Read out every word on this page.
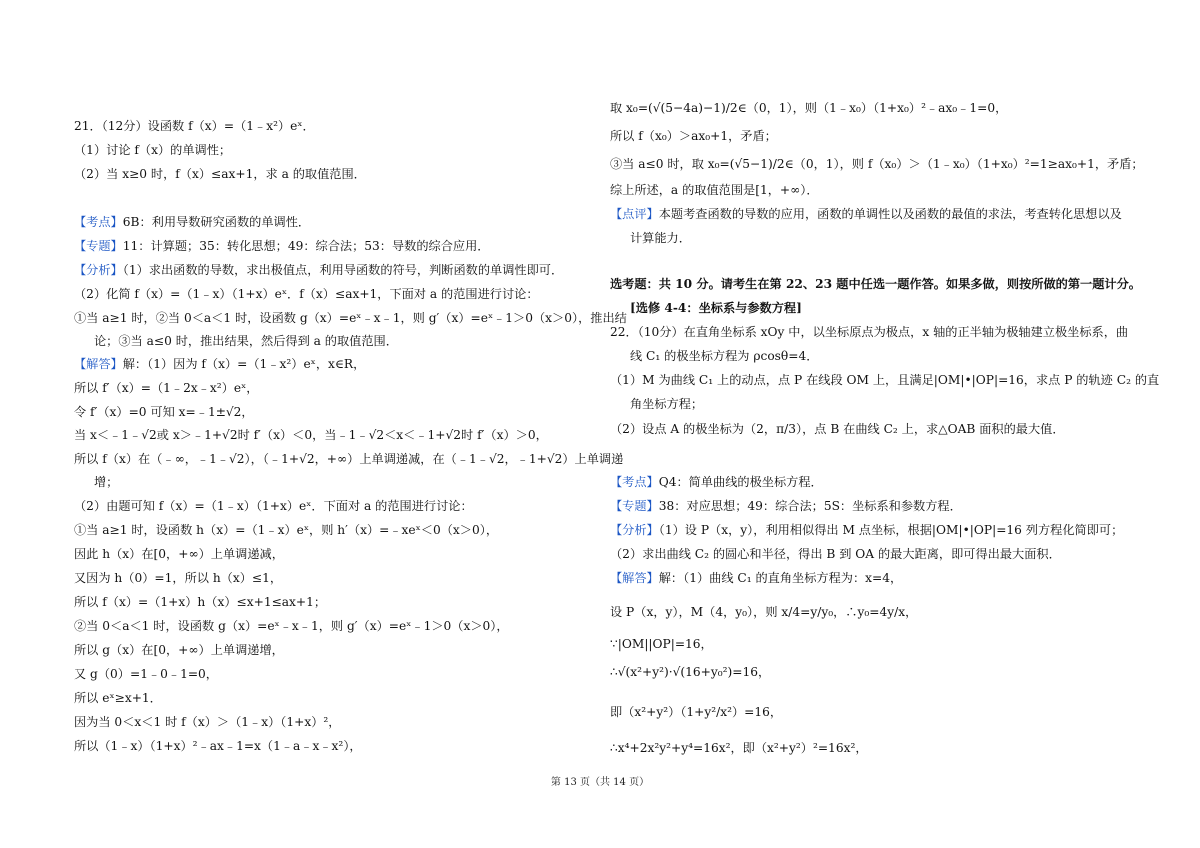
21．（12分）设函数 f（x）=（1﹣x²）eˣ．
（1）讨论 f（x）的单调性；
（2）当 x≥0 时，f（x）≤ax+1，求 a 的取值范围．
【考点】6B：利用导数研究函数的单调性．
【专题】11：计算题；35：转化思想；49：综合法；53：导数的综合应用．
【分析】（1）求出函数的导数，求出极值点，利用导函数的符号，判断函数的单调性即可．
（2）化简 f（x）=（1﹣x）（1+x）eˣ．f（x）≤ax+1，下面对 a 的范围进行讨论：
①当 a≥1 时，②当 0＜a＜1 时，设函数 g（x）=eˣ﹣x﹣1，则 g′（x）=eˣ﹣1＞0（x＞0），推出结
论；③当 a≤0 时，推出结果，然后得到 a 的取值范围．
【解答】解：（1）因为 f（x）=（1﹣x²）eˣ，x∈R，
所以 f′（x）=（1﹣2x﹣x²）eˣ，
令 f′（x）=0 可知 x=﹣1±√2，
当 x＜﹣1﹣√2或 x＞﹣1+√2时 f′（x）＜0，当﹣1﹣√2＜x＜﹣1+√2时 f′（x）＞0，
所以 f（x）在（﹣∞，﹣1﹣√2），（﹣1+√2，+∞）上单调递减，在（﹣1﹣√2，﹣1+√2）上单调递
增；
（2）由题可知 f（x）=（1﹣x）（1+x）eˣ．下面对 a 的范围进行讨论：
①当 a≥1 时，设函数 h（x）=（1﹣x）eˣ，则 h′（x）=﹣xeˣ＜0（x＞0），
因此 h（x）在[0，+∞）上单调递减，
又因为 h（0）=1，所以 h（x）≤1，
所以 f（x）=（1+x）h（x）≤x+1≤ax+1；
②当 0＜a＜1 时，设函数 g（x）=eˣ﹣x﹣1，则 g′（x）=eˣ﹣1＞0（x＞0），
所以 g（x）在[0，+∞）上单调递增，
又 g（0）=1﹣0﹣1=0，
所以 eˣ≥x+1．
因为当 0＜x＜1 时 f（x）＞（1﹣x）（1+x）²，
所以（1﹣x）（1+x）²﹣ax﹣1=x（1﹣a﹣x﹣x²），
取 x₀=(√(5−4a)−1)/2∈（0，1），则（1﹣x₀）（1+x₀）²﹣ax₀﹣1=0，
所以 f（x₀）＞ax₀+1，矛盾；
③当 a≤0 时，取 x₀=(√5−1)/2∈（0，1），则 f（x₀）＞（1﹣x₀）（1+x₀）²=1≥ax₀+1，矛盾；
综上所述，a 的取值范围是[1，+∞）．
【点评】本题考查函数的导数的应用，函数的单调性以及函数的最值的求法，考查转化思想以及
计算能力．
选考题：共 10 分。请考生在第 22、23 题中任选一题作答。如果多做，则按所做的第一题计分。
[选修 4-4：坐标系与参数方程]
22．（10分）在直角坐标系 xOy 中，以坐标原点为极点，x 轴的正半轴为极轴建立极坐标系，曲
线 C₁ 的极坐标方程为 ρcosθ=4．
（1）M 为曲线 C₁ 上的动点，点 P 在线段 OM 上，且满足|OM|•|OP|=16，求点 P 的轨迹 C₂ 的直
角坐标方程；
（2）设点 A 的极坐标为（2，π/3），点 B 在曲线 C₂ 上，求△OAB 面积的最大值．
【考点】Q4：简单曲线的极坐标方程．
【专题】38：对应思想；49：综合法；5S：坐标系和参数方程．
【分析】（1）设 P（x，y），利用相似得出 M 点坐标，根据|OM|•|OP|=16 列方程化简即可；
（2）求出曲线 C₂ 的圆心和半径，得出 B 到 OA 的最大距离，即可得出最大面积．
【解答】解：（1）曲线 C₁ 的直角坐标方程为：x=4，
设 P（x，y），M（4，y₀），则 x/4=y/y₀，∴y₀=4y/x，
∵|OM||OP|=16，
∴√(x²+y²)·√(16+y₀²)=16，
即（x²+y²）（1+y²/x²）=16，
∴x⁴+2x²y²+y⁴=16x²，即（x²+y²）²=16x²，
第 13 页（共 14 页）
